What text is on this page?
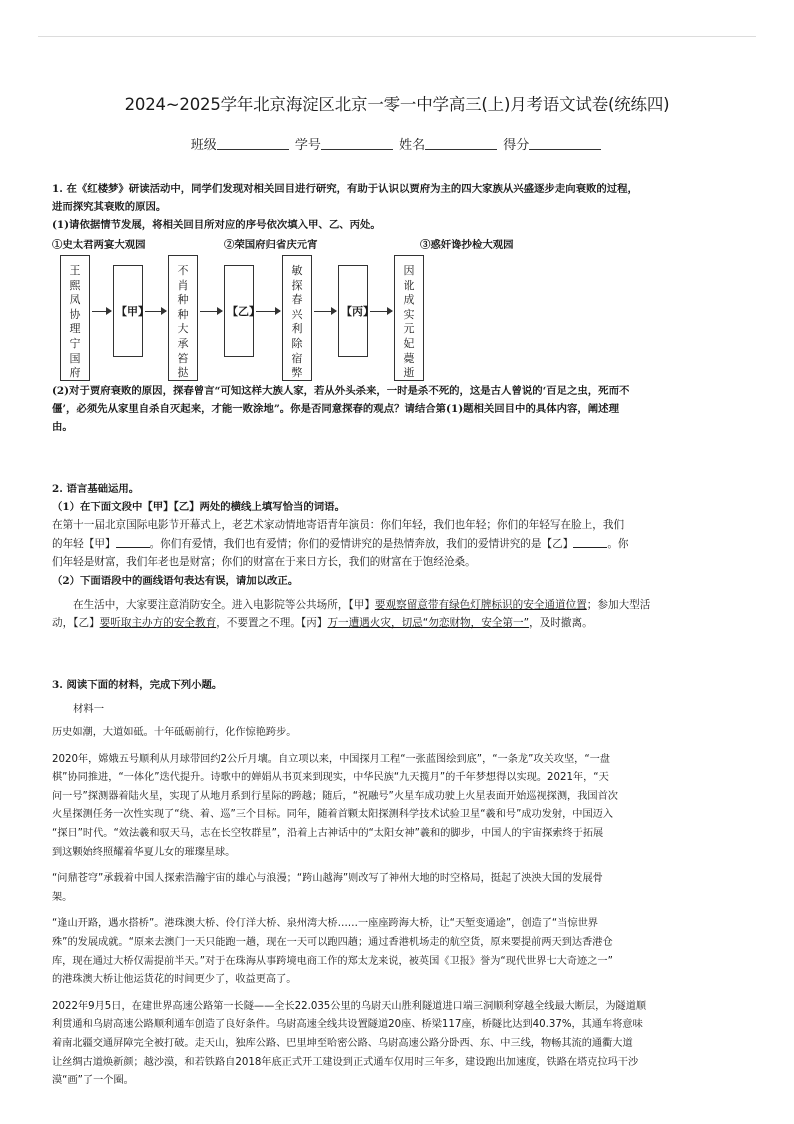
2024~2025学年北京海淀区北京一零一中学高三(上)月考语文试卷(统练四)
班级	学号	姓名	得分

1. 在《红楼梦》研读活动中，同学们发现对相关回目进行研究，有助于认识以贾府为主的四大家族从兴盛逐步走向衰败的过程，

进而探究其衰败的原因。

(1)请依据情节发展，将相关回目所对应的序号依次填入甲、乙、丙处。

①史太君两宴大观园	②荣国府归省庆元宵	③惑奸谗抄检大观园
王
熙
凤
协
理
宁
国
府
【甲】
不
肖
种
种
大
承
笞
挞
【乙】
敏
探
春
兴
利
除
宿
弊
【丙】
因
讹
成
实
元
妃
薨
逝

(2)对于贾府衰败的原因，探春曾言“可知这样大族人家，若从外头杀来，一时是杀不死的，这是古人曾说的‘百足之虫，死而不

僵’，必须先从家里自杀自灭起来，才能一败涂地”。你是否同意探春的观点？请结合第(1)题相关回目中的具体内容，阐述理

由。

2. 语言基础运用。

（1）在下面文段中【甲】【乙】两处的横线上填写恰当的词语。

在第十一届北京国际电影节开幕式上，老艺术家动情地寄语青年演员：你们年轻，我们也年轻；你们的年轻写在脸上，我们
的年轻【甲】	。你们有爱情，我们也有爱情；你们的爱情讲究的是热情奔放，我们的爱情讲究的是【乙】	。你
们年轻是财富，我们年老也是财富；你们的财富在于来日方长，我们的财富在于饱经沧桑。

（2）下面语段中的画线语句表达有误，请加以改正。

在生活中，大家要注意消防安全。进入电影院等公共场所，【甲】要观察留意带有绿色灯牌标识的安全通道位置；参加大型活
动，【乙】要听取主办方的安全教育，不要置之不理。【丙】万一遭遇火灾，切忌“勿恋财物，安全第一”，及时撤离。

3. 阅读下面的材料，完成下列小题。

材料一

历史如潮，大道如砥。十年砥砺前行，化作惊艳跨步。

2020年，嫦娥五号顺利从月球带回约2公斤月壤。自立项以来，中国探月工程“一张蓝图绘到底”，“一条龙”攻关攻坚，“一盘

棋”协同推进，“一体化”迭代提升。诗歌中的婵娟从书页来到现实，中华民族“九天揽月”的千年梦想得以实现。2021年，“天

问一号”探测器着陆火星，实现了从地月系到行星际的跨越；随后，“祝融号”火星车成功驶上火星表面开始巡视探测，我国首次

火星探测任务一次性实现了“绕、着、巡”三个目标。同年，随着首颗太阳探测科学技术试验卫星“羲和号”成功发射，中国迈入

“探日”时代。“效法羲和驭天马，志在长空牧群星”，沿着上古神话中的“太阳女神”羲和的脚步，中国人的宇宙探索终于拓展

到这颗始终照耀着华夏儿女的璀璨星球。

“问鼎苍穹”承载着中国人探索浩瀚宇宙的雄心与浪漫；“跨山越海”则改写了神州大地的时空格局，挺起了泱泱大国的发展骨

架。

“逢山开路，遇水搭桥”。港珠澳大桥、伶仃洋大桥、泉州湾大桥……一座座跨海大桥，让“天堑变通途”，创造了“当惊世界

殊”的发展成就。“原来去澳门一天只能跑一趟，现在一天可以跑四趟；通过香港机场走的航空货，原来要提前两天到达香港仓

库，现在通过大桥仅需提前半天。”对于在珠海从事跨境电商工作的郑太龙来说，被英国《卫报》誉为“现代世界七大奇迹之一”

的港珠澳大桥让他运货花的时间更少了，收益更高了。

2022年9月5日，在建世界高速公路第一长隧——全长22.035公里的乌尉天山胜利隧道进口端三洞顺利穿越全线最大断层，为隧道顺

利贯通和乌尉高速公路顺利通车创造了良好条件。乌尉高速全线共设置隧道20座、桥梁117座，桥隧比达到40.37%，其通车将意味

着南北疆交通屏障完全被打破。走天山，独库公路、巴里坤至哈密公路、乌尉高速公路分卧西、东、中三线，物畅其流的通衢大道

让丝绸古道焕新颜；越沙漠，和若铁路自2018年底正式开工建设到正式通车仅用时三年多，建设跑出加速度，铁路在塔克拉玛干沙

漠“画”了一个圈。
